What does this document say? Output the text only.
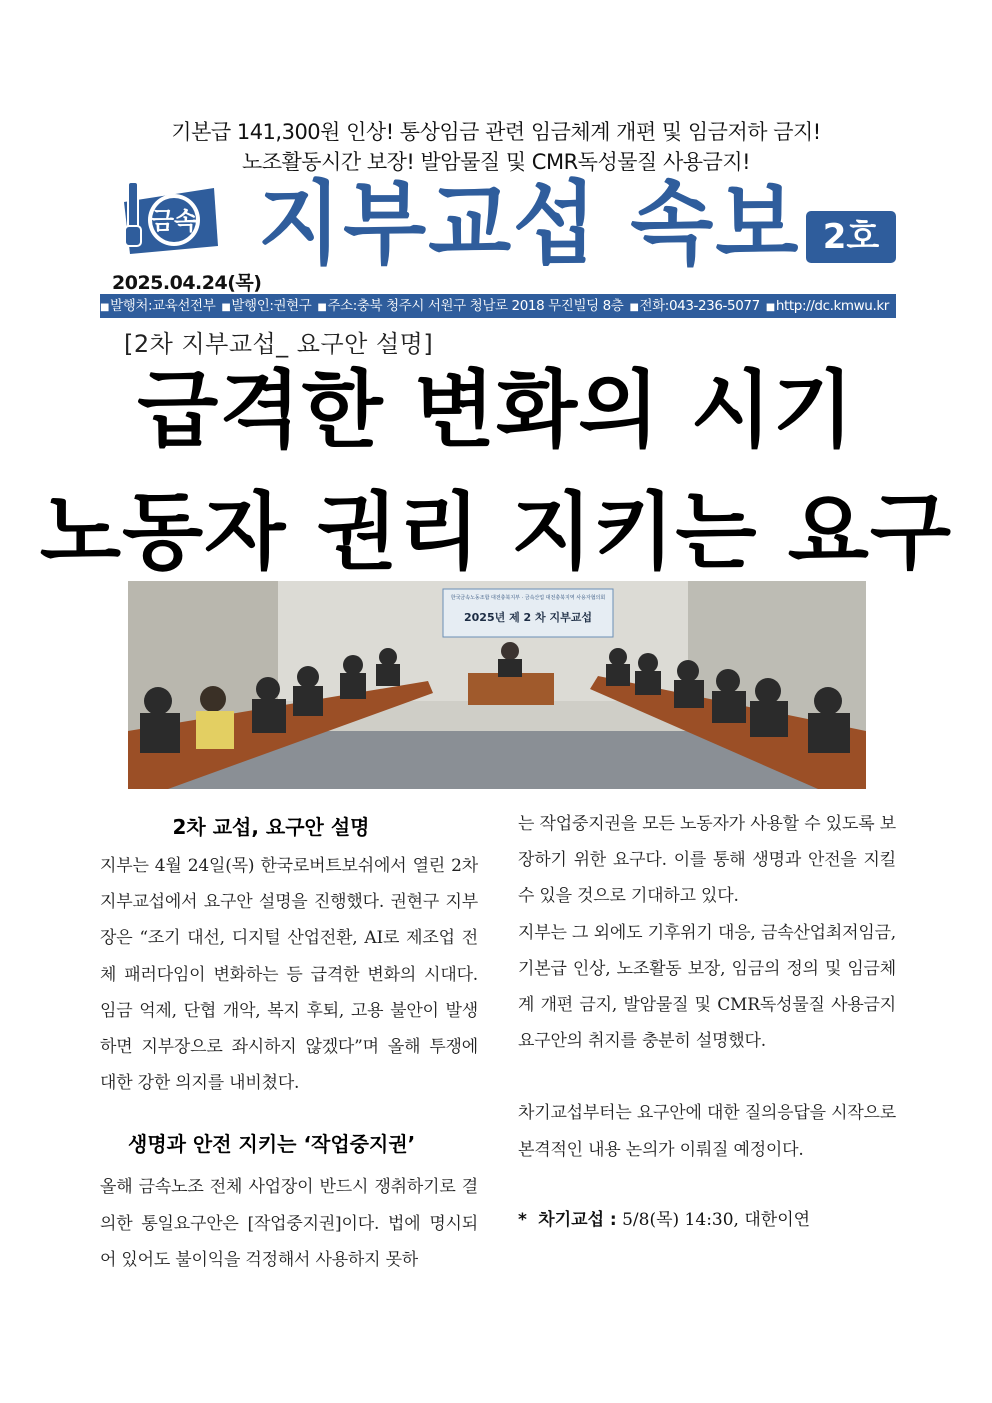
기본급 141,300원 인상! 통상임금 관련 임금체계 개편 및 임금저하 금지!
노조활동시간 보장! 발암물질 및 CMR독성물질 사용금지!
금속 지부교섭 속보 2호
2025.04.24(목)
■ 발행처:교육선전부 ■ 발행인:권현구 ■ 주소:충북 청주시 서원구 청남로 2018 무진빌딩 8층 ■ 전화:043-236-5077 ■ http://dc.kmwu.kr
[2차 지부교섭_ 요구안 설명]
급격한 변화의 시기
노동자 권리 지키는 요구
한국금속노동조합 대전충북지부 · 금속산업 대전충북지역 사용자협의회
2025년 제 2 차 지부교섭
2차 교섭, 요구안 설명
지부는 4월 24일(목) 한국로버트보쉬에서 열린 2차 지부교섭에서 요구안 설명을 진행했다. 권현구 지부장은 “조기 대선, 디지털 산업전환, AI로 제조업 전체 패러다임이 변화하는 등 급격한 변화의 시대다. 임금 억제, 단협 개악, 복지 후퇴, 고용 불안이 발생하면 지부장으로 좌시하지 않겠다”며 올해 투쟁에 대한 강한 의지를 내비쳤다.
생명과 안전 지키는 ‘작업중지권’
올해 금속노조 전체 사업장이 반드시 쟁취하기로 결의한 통일요구안은 [작업중지권]이다. 법에 명시되어 있어도 불이익을 걱정해서 사용하지 못하
는 작업중지권을 모든 노동자가 사용할 수 있도록 보장하기 위한 요구다. 이를 통해 생명과 안전을 지킬 수 있을 것으로 기대하고 있다.
지부는 그 외에도 기후위기 대응, 금속산업최저임금, 기본급 인상, 노조활동 보장, 임금의 정의 및 임금체계 개편 금지, 발암물질 및 CMR독성물질 사용금지 요구안의 취지를 충분히 설명했다.
차기교섭부터는 요구안에 대한 질의응답을 시작으로 본격적인 내용 논의가 이뤄질 예정이다.
* 차기교섭 : 5/8(목) 14:30, 대한이연
